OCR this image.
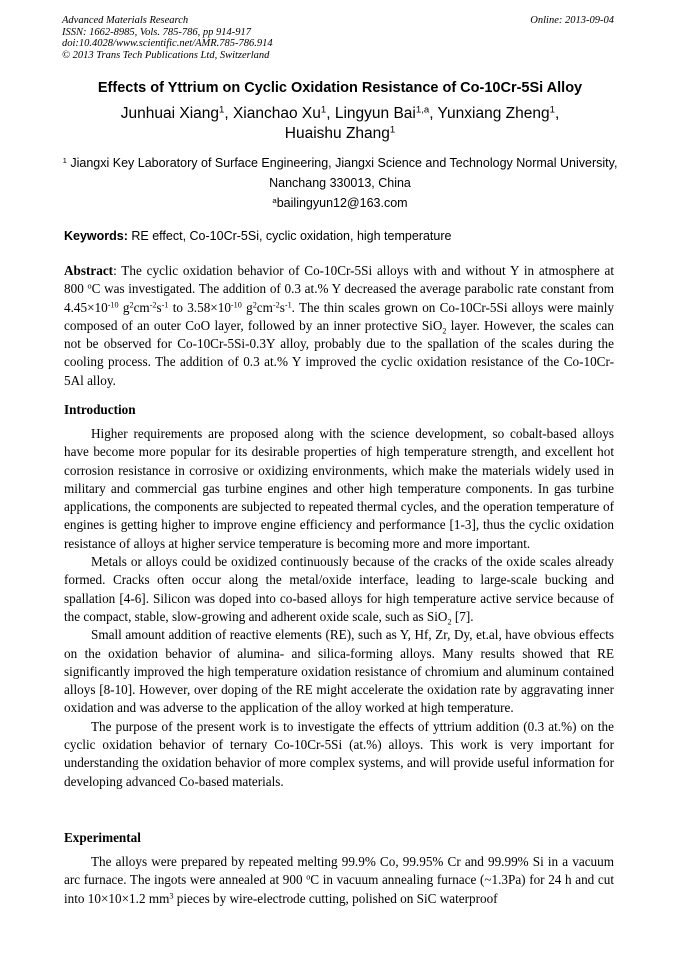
Advanced Materials Research
ISSN: 1662-8985, Vols. 785-786, pp 914-917
doi:10.4028/www.scientific.net/AMR.785-786.914
© 2013 Trans Tech Publications Ltd, Switzerland
Online: 2013-09-04
Effects of Yttrium on Cyclic Oxidation Resistance of Co-10Cr-5Si Alloy
Junhuai Xiang$^1$, Xianchao Xu$^1$, Lingyun Bai$^{1,a}$, Yunxiang Zheng$^1$,
Huaishu Zhang$^1$
$^1$ Jiangxi Key Laboratory of Surface Engineering, Jiangxi Science and Technology Normal University,
Nanchang 330013, China
$^a$bailingyun12@163.com
Keywords: RE effect, Co-10Cr-5Si, cyclic oxidation, high temperature
Abstract: The cyclic oxidation behavior of Co-10Cr-5Si alloys with and without Y in atmosphere at 800 $^o$C was investigated. The addition of 0.3 at.% Y decreased the average parabolic rate constant from $4.45\times 10^{-10}$ $g^2cm^{-2}s^{-1}$ to $3.58\times 10^{-10}$ $g^2cm^{-2}s^{-1}$. The thin scales grown on Co-10Cr-5Si alloys were mainly composed of an outer CoO layer, followed by an inner protective SiO$_2$ layer. However, the scales can not be observed for Co-10Cr-5Si-0.3Y alloy, probably due to the spallation of the scales during the cooling process. The addition of 0.3 at.% Y improved the cyclic oxidation resistance of the Co-10Cr-5Al alloy.
Introduction

Higher requirements are proposed along with the science development, so cobalt-based alloys have become more popular for its desirable properties of high temperature strength, and excellent hot corrosion resistance in corrosive or oxidizing environments, which make the materials widely used in military and commercial gas turbine engines and other high temperature components. In gas turbine applications, the components are subjected to repeated thermal cycles, and the operation temperature of engines is getting higher to improve engine efficiency and performance [1-3], thus the cyclic oxidation resistance of alloys at higher service temperature is becoming more and more important.

Metals or alloys could be oxidized continuously because of the cracks of the oxide scales already formed. Cracks often occur along the metal/oxide interface, leading to large-scale bucking and spallation [4-6]. Silicon was doped into co-based alloys for high temperature active service because of the compact, stable, slow-growing and adherent oxide scale, such as SiO$_2$ [7].

Small amount addition of reactive elements (RE), such as Y, Hf, Zr, Dy, et.al, have obvious effects on the oxidation behavior of alumina- and silica-forming alloys. Many results showed that RE significantly improved the high temperature oxidation resistance of chromium and aluminum contained alloys [8-10]. However, over doping of the RE might accelerate the oxidation rate by aggravating inner oxidation and was adverse to the application of the alloy worked at high temperature.

The purpose of the present work is to investigate the effects of yttrium addition (0.3 at.%) on the cyclic oxidation behavior of ternary Co-10Cr-5Si (at.%) alloys. This work is very important for understanding the oxidation behavior of more complex systems, and will provide useful information for developing advanced Co-based materials.

Experimental

The alloys were prepared by repeated melting 99.9% Co, 99.95% Cr and 99.99% Si in a vacuum arc furnace. The ingots were annealed at 900 $^o$C in vacuum annealing furnace (~1.3Pa) for 24 h and cut into 10×10×1.2 $mm^3$ pieces by wire-electrode cutting, polished on SiC waterproof
